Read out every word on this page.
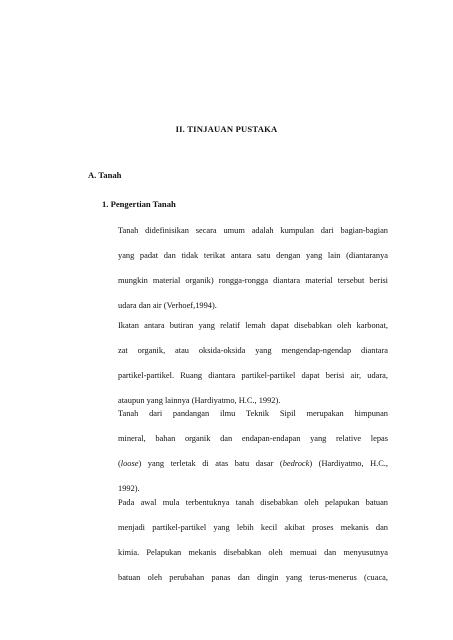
II. TINJAUAN PUSTAKA
A. Tanah
1. Pengertian Tanah
Tanah didefinisikan secara umum adalah kumpulan dari bagian-bagian
yang padat dan tidak terikat antara satu dengan yang lain (diantaranya
mungkin material organik) rongga-rongga diantara material tersebut berisi
udara dan air (Verhoef,1994).
Ikatan antara butiran yang relatif lemah dapat disebabkan oleh karbonat,
zat organik, atau oksida-oksida yang mengendap-ngendap diantara
partikel-partikel. Ruang diantara partikel-partikel dapat berisi air, udara,
ataupun yang lainnya (Hardiyatmo, H.C., 1992).
Tanah dari pandangan ilmu Teknik Sipil merupakan himpunan
mineral, bahan organik dan endapan-endapan yang relative lepas
(loose) yang terletak di atas batu dasar (bedrock) (Hardiyatmo, H.C.,
1992).
Pada awal mula terbentuknya tanah disebabkan oleh pelapukan batuan
menjadi partikel-partikel yang lebih kecil akibat proses mekanis dan
kimia. Pelapukan mekanis disebabkan oleh memuai dan menyusutnya
batuan oleh perubahan panas dan dingin yang terus-menerus (cuaca,
